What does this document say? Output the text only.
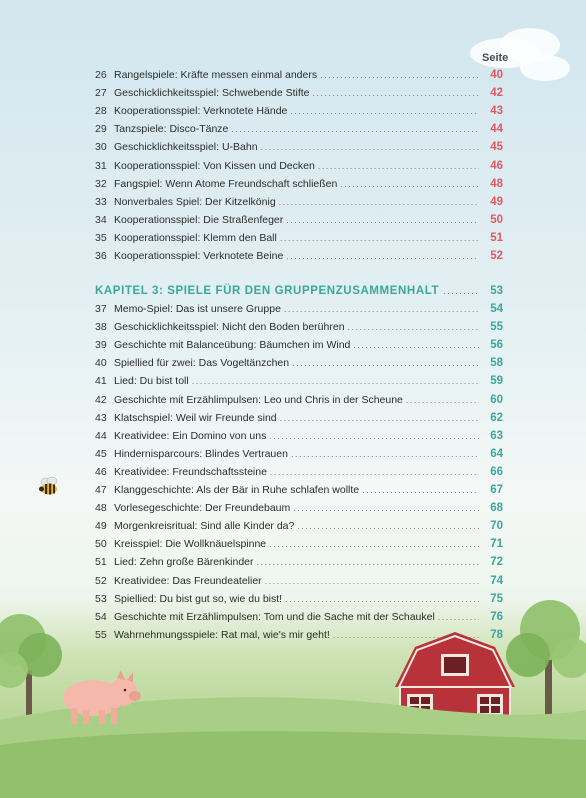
Seite
26 Rangelspiele: Kräfte messen einmal anders .....	40
27 Geschicklichkeitsspiel: Schwebende Stifte .....	42
28 Kooperationsspiel: Verknotete Hände .....	43
29 Tanzspiele: Disco-Tänze .....	44
30 Geschicklichkeitsspiel: U-Bahn .....	45
31 Kooperationsspiel: Von Kissen und Decken .....	46
32 Fangspiel: Wenn Atome Freundschaft schließen .....	48
33 Nonverbales Spiel: Der Kitzelkönig .....	49
34 Kooperationsspiel: Die Straßenfeger .....	50
35 Kooperationsspiel: Klemm den Ball .....	51
36 Kooperationsspiel: Verknotete Beine .....	52
KAPITEL 3: SPIELE FÜR DEN GRUPPENZUSAMMENHALT .....	53
37 Memo-Spiel: Das ist unsere Gruppe .....	54
38 Geschicklichkeitsspiel: Nicht den Boden berühren .....	55
39 Geschichte mit Balanceübung: Bäumchen im Wind .....	56
40 Spiellied für zwei: Das Vogeltänzchen .....	58
41 Lied: Du bist toll .....	59
42 Geschichte mit Erzählimpulsen: Leo und Chris in der Scheune .....	60
43 Klatschspiel: Weil wir Freunde sind .....	62
44 Kreatividee: Ein Domino von uns .....	63
45 Hindernisparcours: Blindes Vertrauen .....	64
46 Kreatividee: Freundschaftssteine .....	66
47 Klanggeschichte: Als der Bär in Ruhe schlafen wollte .....	67
48 Vorlesegeschichte: Der Freundebaum .....	68
49 Morgenkreisritual: Sind alle Kinder da? .....	70
50 Kreisspiel: Die Wollknäuelspinne .....	71
51 Lied: Zehn große Bärenkinder .....	72
52 Kreatividee: Das Freundeatelier .....	74
53 Spiellied: Du bist gut so, wie du bist! .....	75
54 Geschichte mit Erzählimpulsen: Tom und die Sache mit der Schaukel .....	76
55 Wahrnehmungsspiele: Rat mal, wie's mir geht! .....	78
